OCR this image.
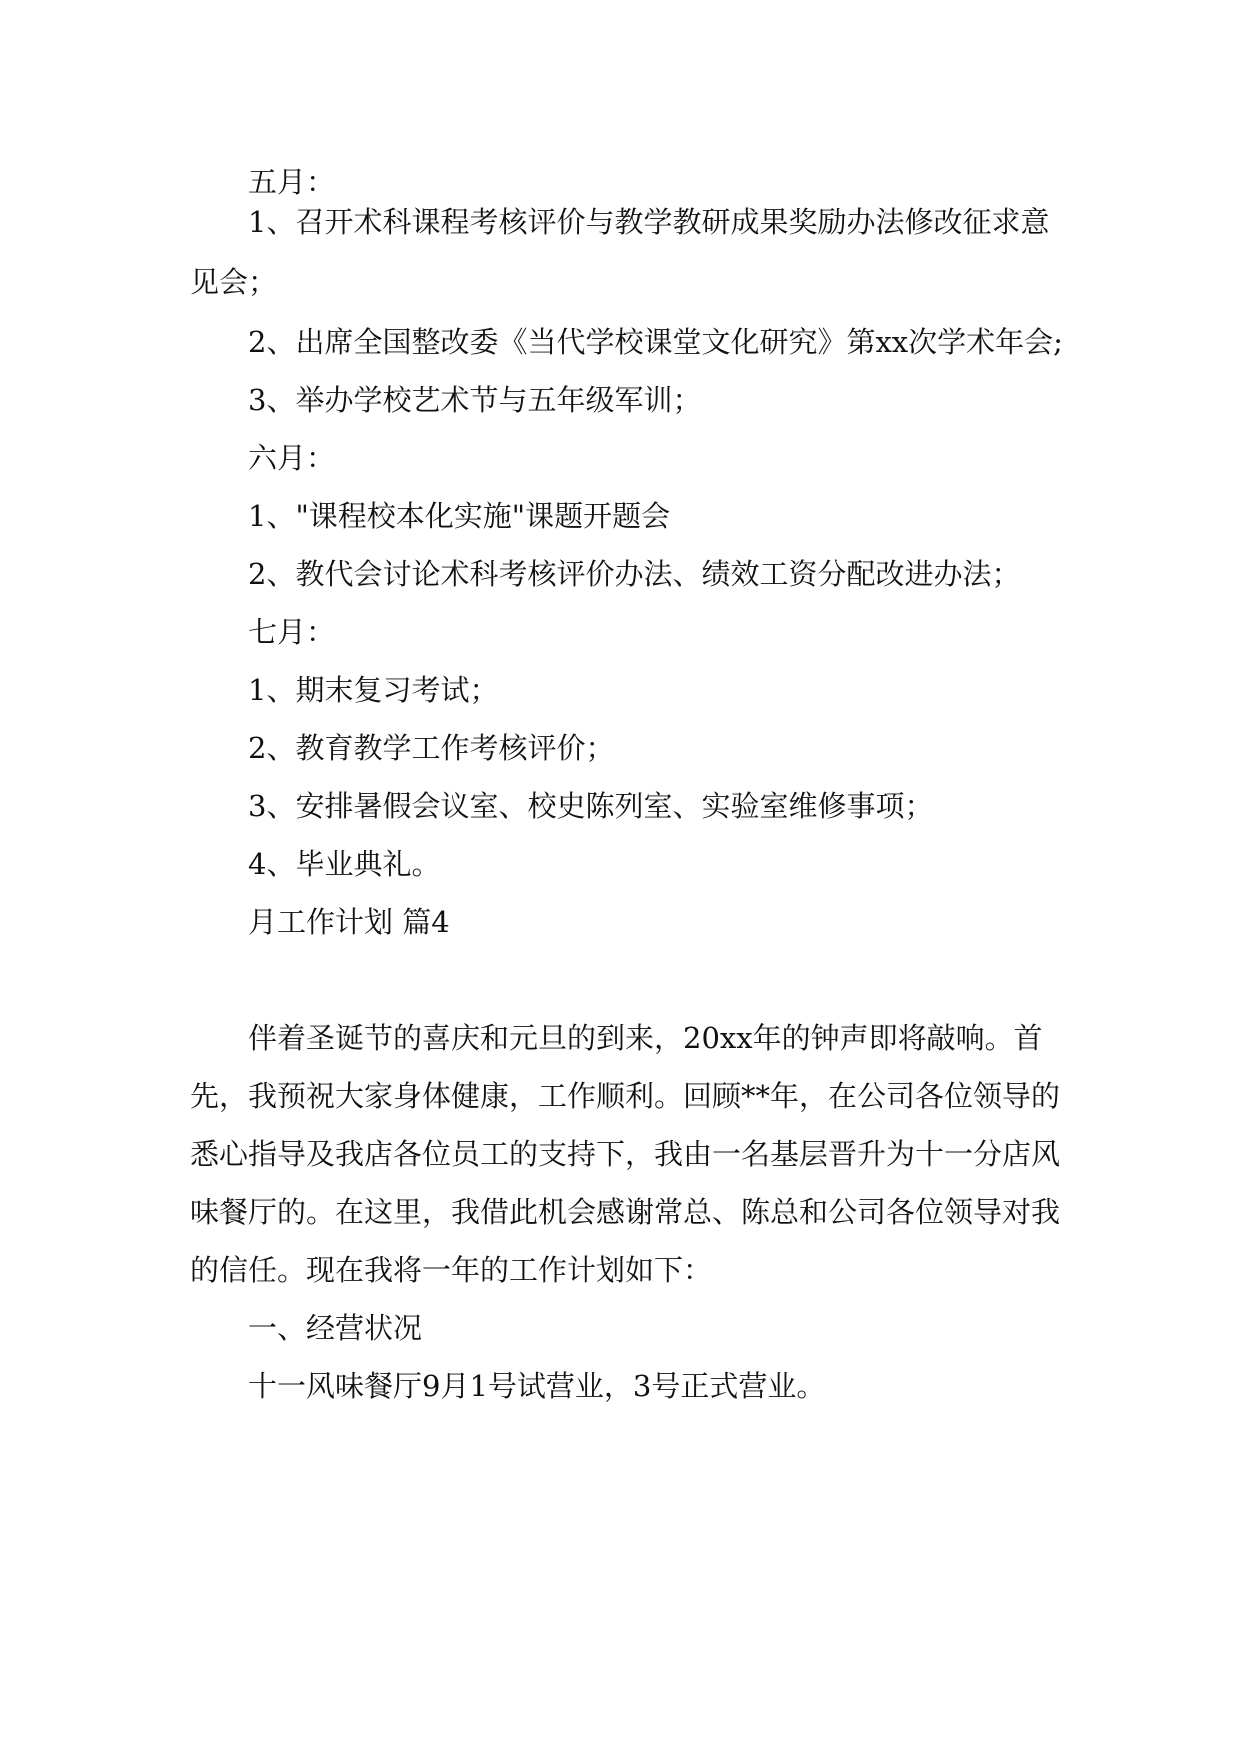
五月：
1、召开术科课程考核评价与教学教研成果奖励办法修改征求意
见会；
2、出席全国整改委《当代学校课堂文化研究》第xx次学术年会;
3、举办学校艺术节与五年级军训；
六月：
1、"课程校本化实施"课题开题会
2、教代会讨论术科考核评价办法、绩效工资分配改进办法；
七月：
1、期末复习考试；
2、教育教学工作考核评价；
3、安排暑假会议室、校史陈列室、实验室维修事项；
4、毕业典礼。
月工作计划 篇4
伴着圣诞节的喜庆和元旦的到来，20xx年的钟声即将敲响。首
先，我预祝大家身体健康，工作顺利。回顾**年，在公司各位领导的
悉心指导及我店各位员工的支持下，我由一名基层晋升为十一分店风
味餐厅的。在这里，我借此机会感谢常总、陈总和公司各位领导对我
的信任。现在我将一年的工作计划如下：
一、经营状况
十一风味餐厅9月1号试营业，3号正式营业。
